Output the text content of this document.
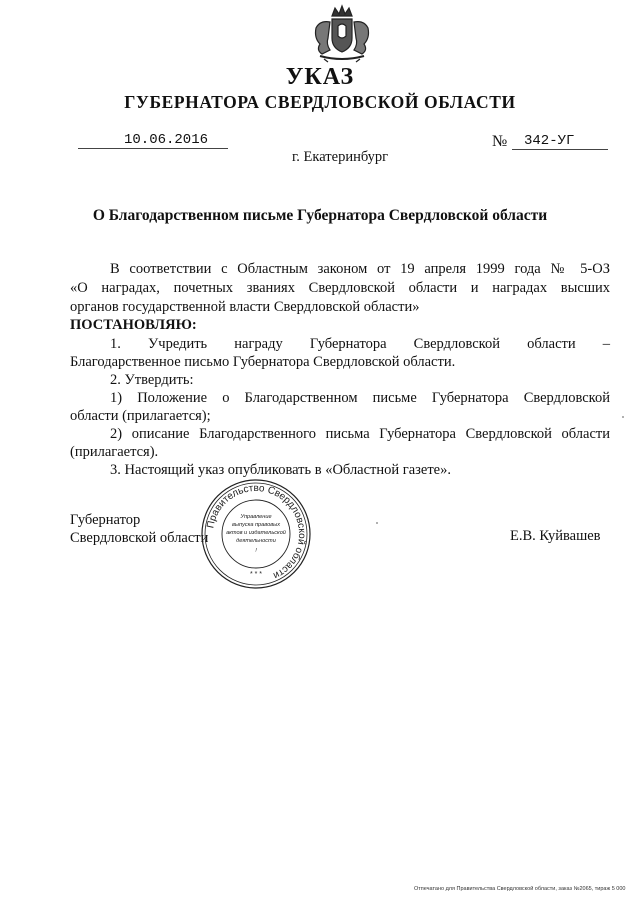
УКАЗ
ГУБЕРНАТОРА СВЕРДЛОВСКОЙ ОБЛАСТИ
10.06.2016	№ 342-УГ
г. Екатеринбург
О Благодарственном письме Губернатора Свердловской области
В соответствии с Областным законом от 19 апреля 1999 года № 5-ОЗ
«О наградах, почетных званиях Свердловской области и наградах высших
органов государственной власти Свердловской области»
ПОСТАНОВЛЯЮ:
1. Учредить награду Губернатора Свердловской области –
Благодарственное письмо Губернатора Свердловской области.
2. Утвердить:
1) Положение о Благодарственном письме Губернатора Свердловской
области (прилагается);
2) описание Благодарственного письма Губернатора Свердловской области
(прилагается).
3. Настоящий указ опубликовать в «Областной газете».
Губернатор
Свердловской области	Е.В. Куйвашев
Правительство Свердловской области
Управление
выпуска правовых
актов и издательской
деятельности
!
* * *
Отпечатано для Правительства Свердловской области, заказ №2065, тираж 5 000
